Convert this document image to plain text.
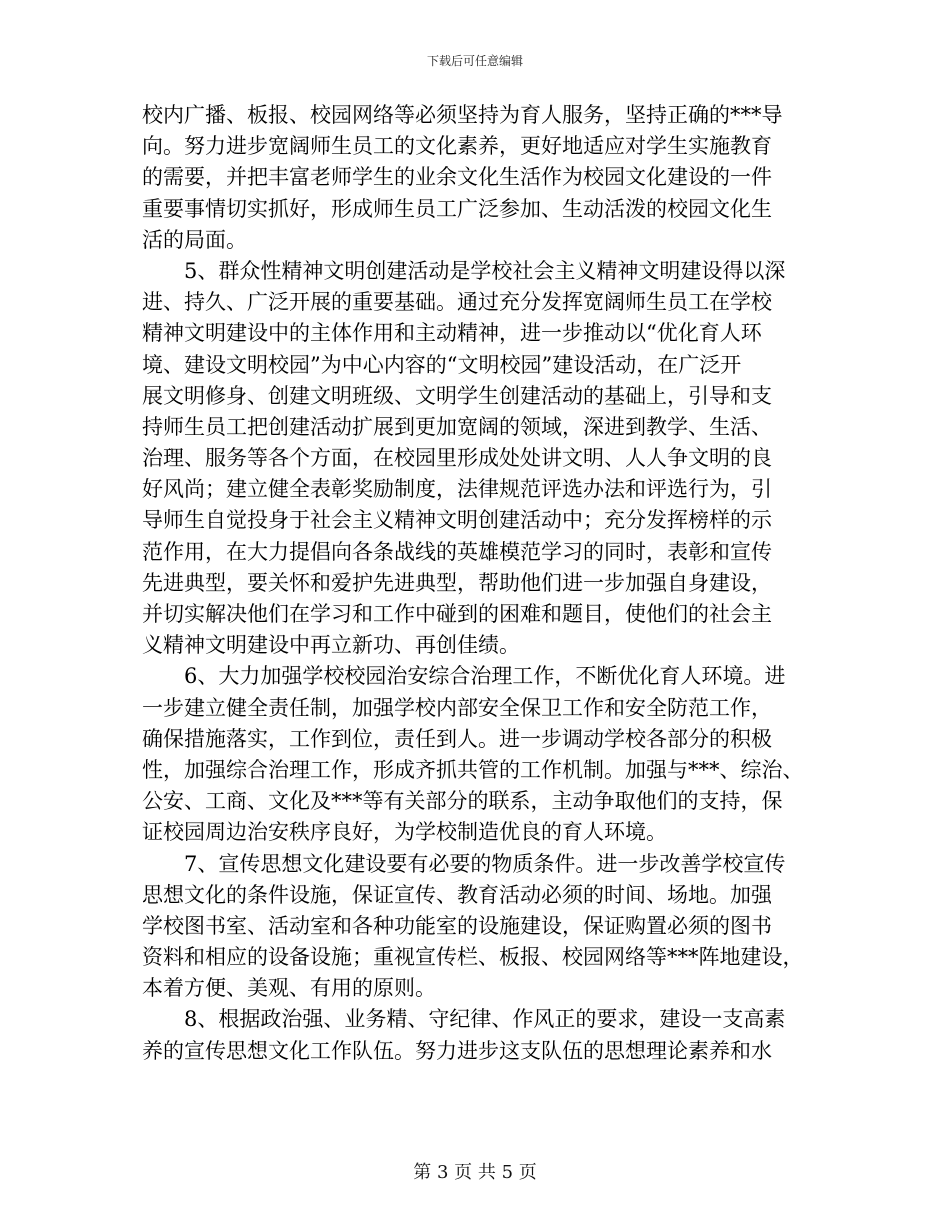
下载后可任意编辑
校内广播、板报、校园网络等必须坚持为育人服务，坚持正确的***导
向。努力进步宽阔师生员工的文化素养，更好地适应对学生实施教育
的需要，并把丰富老师学生的业余文化生活作为校园文化建设的一件
重要事情切实抓好，形成师生员工广泛参加、生动活泼的校园文化生
活的局面。
5、群众性精神文明创建活动是学校社会主义精神文明建设得以深
进、持久、广泛开展的重要基础。通过充分发挥宽阔师生员工在学校
精神文明建设中的主体作用和主动精神，进一步推动以“优化育人环
境、建设文明校园”为中心内容的“文明校园”建设活动，在广泛开
展文明修身、创建文明班级、文明学生创建活动的基础上，引导和支
持师生员工把创建活动扩展到更加宽阔的领域，深进到教学、生活、
治理、服务等各个方面，在校园里形成处处讲文明、人人争文明的良
好风尚；建立健全表彰奖励制度，法律规范评选办法和评选行为，引
导师生自觉投身于社会主义精神文明创建活动中；充分发挥榜样的示
范作用，在大力提倡向各条战线的英雄模范学习的同时，表彰和宣传
先进典型，要关怀和爱护先进典型，帮助他们进一步加强自身建设，
并切实解决他们在学习和工作中碰到的困难和题目，使他们的社会主
义精神文明建设中再立新功、再创佳绩。
6、大力加强学校校园治安综合治理工作，不断优化育人环境。进
一步建立健全责任制，加强学校内部安全保卫工作和安全防范工作，
确保措施落实，工作到位，责任到人。进一步调动学校各部分的积极
性，加强综合治理工作，形成齐抓共管的工作机制。加强与***、综治、
公安、工商、文化及***等有关部分的联系，主动争取他们的支持，保
证校园周边治安秩序良好，为学校制造优良的育人环境。
7、宣传思想文化建设要有必要的物质条件。进一步改善学校宣传
思想文化的条件设施，保证宣传、教育活动必须的时间、场地。加强
学校图书室、活动室和各种功能室的设施建设，保证购置必须的图书
资料和相应的设备设施；重视宣传栏、板报、校园网络等***阵地建设，
本着方便、美观、有用的原则。
8、根据政治强、业务精、守纪律、作风正的要求，建设一支高素
养的宣传思想文化工作队伍。努力进步这支队伍的思想理论素养和水
第 3 页 共 5 页
